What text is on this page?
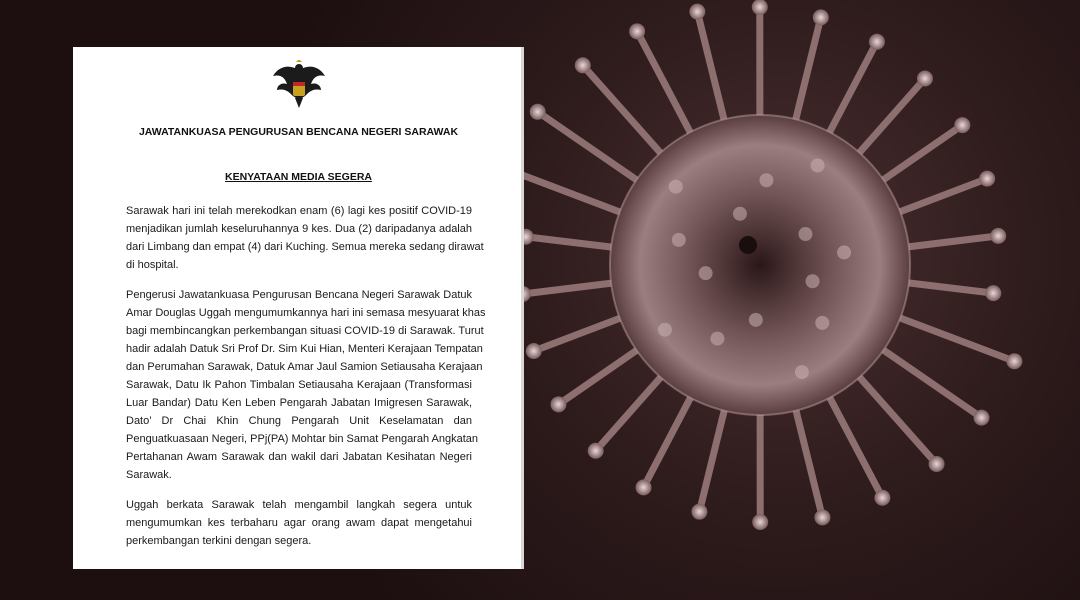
JAWATANKUASA PENGURUSAN BENCANA NEGERI SARAWAK
KENYATAAN MEDIA SEGERA
Sarawak hari ini telah merekodkan enam (6) lagi kes positif COVID-19
menjadikan jumlah keseluruhannya 9 kes. Dua (2) daripadanya adalah
dari Limbang dan empat (4) dari Kuching. Semua mereka sedang dirawat
di hospital.
Pengerusi Jawatankuasa Pengurusan Bencana Negeri Sarawak Datuk
Amar Douglas Uggah mengumumkannya hari ini semasa mesyuarat khas
bagi membincangkan perkembangan situasi COVID-19 di Sarawak. Turut
hadir adalah Datuk Sri Prof Dr. Sim Kui Hian, Menteri Kerajaan Tempatan
dan Perumahan Sarawak, Datuk Amar Jaul Samion Setiausaha Kerajaan
Sarawak, Datu Ik Pahon Timbalan Setiausaha Kerajaan (Transformasi
Luar Bandar) Datu Ken Leben Pengarah Jabatan Imigresen Sarawak,
Dato’ Dr Chai Khin Chung Pengarah Unit Keselamatan dan
Penguatkuasaan Negeri, PPj(PA) Mohtar bin Samat Pengarah Angkatan
Pertahanan Awam Sarawak dan wakil dari Jabatan Kesihatan Negeri
Sarawak.
Uggah berkata Sarawak telah mengambil langkah segera untuk
mengumumkan kes terbaharu agar orang awam dapat mengetahui
perkembangan terkini dengan segera.
